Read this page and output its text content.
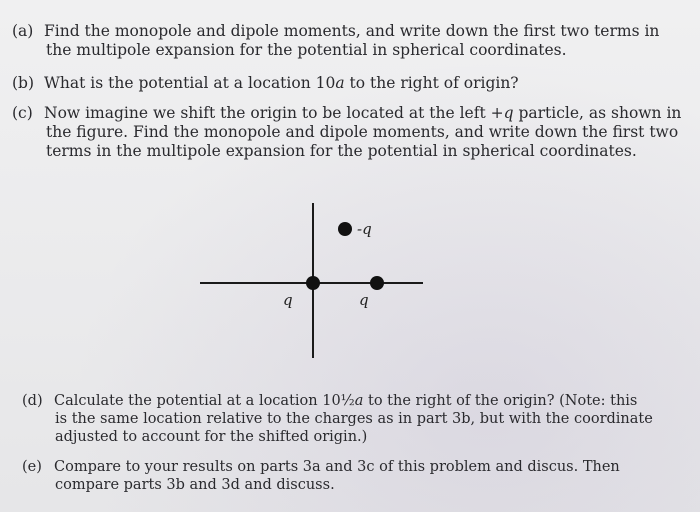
(a) Find the monopole and dipole moments, and write down the first two terms in
the multipole expansion for the potential in spherical coordinates.

(b) What is the potential at a location 10a to the right of origin?

(c) Now imagine we shift the origin to be located at the left +q particle, as shown in
the figure. Find the monopole and dipole moments, and write down the first two
terms in the multipole expansion for the potential in spherical coordinates.

-q
q	q

(d) Calculate the potential at a location 10½a to the right of the origin? (Note: this
is the same location relative to the charges as in part 3b, but with the coordinate
adjusted to account for the shifted origin.)

(e) Compare to your results on parts 3a and 3c of this problem and discus. Then
compare parts 3b and 3d and discuss.
